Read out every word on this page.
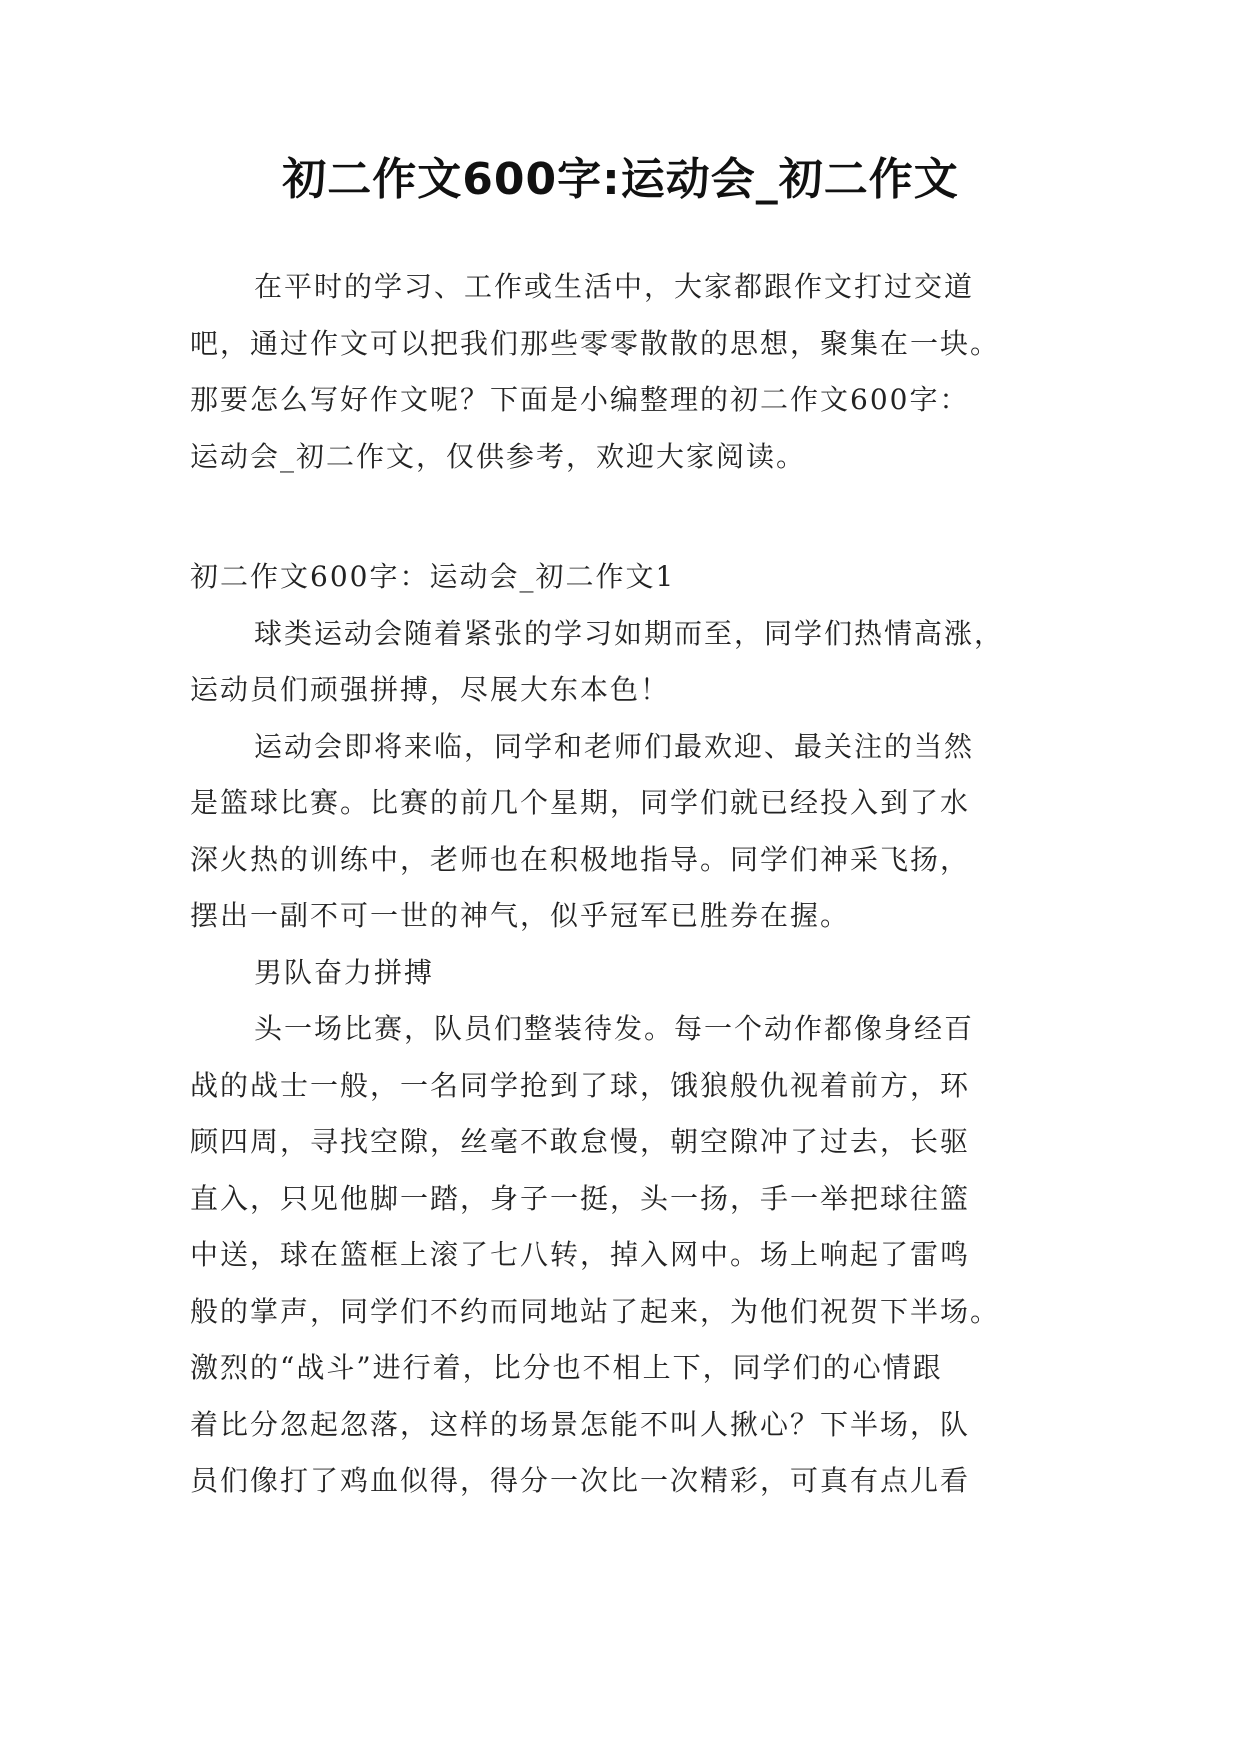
初二作文600字:运动会_初二作文
在平时的学习、工作或生活中，大家都跟作文打过交道
吧，通过作文可以把我们那些零零散散的思想，聚集在一块。
那要怎么写好作文呢？下面是小编整理的初二作文600字：
运动会_初二作文，仅供参考，欢迎大家阅读。
初二作文600字：运动会_初二作文1
球类运动会随着紧张的学习如期而至，同学们热情高涨，
运动员们顽强拼搏，尽展大东本色！
运动会即将来临，同学和老师们最欢迎、最关注的当然
是篮球比赛。比赛的前几个星期，同学们就已经投入到了水
深火热的训练中，老师也在积极地指导。同学们神采飞扬，
摆出一副不可一世的神气，似乎冠军已胜券在握。
男队奋力拼搏
头一场比赛，队员们整装待发。每一个动作都像身经百
战的战士一般，一名同学抢到了球，饿狼般仇视着前方，环
顾四周，寻找空隙，丝毫不敢怠慢，朝空隙冲了过去，长驱
直入，只见他脚一踏，身子一挺，头一扬，手一举把球往篮
中送，球在篮框上滚了七八转，掉入网中。场上响起了雷鸣
般的掌声，同学们不约而同地站了起来，为他们祝贺下半场。
激烈的“战斗”进行着，比分也不相上下，同学们的心情跟
着比分忽起忽落，这样的场景怎能不叫人揪心？下半场，队
员们像打了鸡血似得，得分一次比一次精彩，可真有点儿看
